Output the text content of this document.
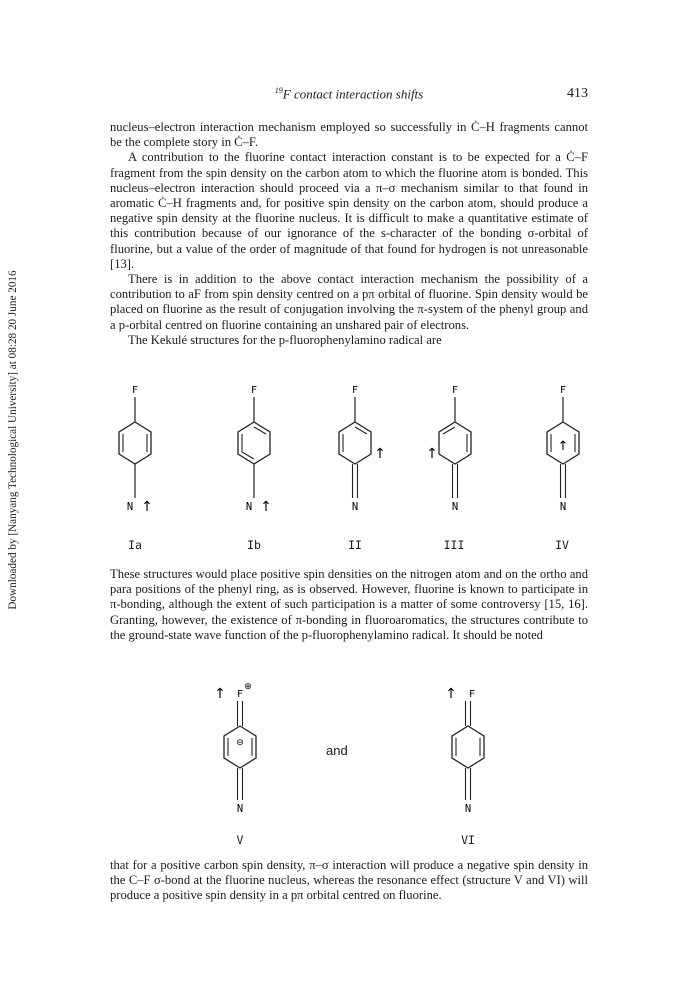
Downloaded by [Nanyang Technological University] at 08:28 20 June 2016
$^{19}$F contact interaction shifts	413

nucleus–electron interaction mechanism employed so successfully in Ċ–H fragments cannot be the complete story in Ċ–F.

A contribution to the fluorine contact interaction constant is to be expected for a Ċ–F fragment from the spin density on the carbon atom to which the fluorine atom is bonded. This nucleus–electron interaction should proceed via a π–σ mechanism similar to that found in aromatic Ċ–H fragments and, for positive spin density on the carbon atom, should produce a negative spin density at the fluorine nucleus. It is difficult to make a quantitative estimate of this contribution because of our ignorance of the s-character of the bonding σ-orbital of fluorine, but a value of the order of magnitude of that found for hydrogen is not unreasonable [13].

There is in addition to the above contact interaction mechanism the possibility of a contribution to aF from spin density centred on a pπ orbital of fluorine. Spin density would be placed on fluorine as the result of conjugation involving the π-system of the phenyl group and a p-orbital centred on fluorine containing an unshared pair of electrons.

The Kekulé structures for the p-fluorophenylamino radical are

F
N ↑
F
N ↑
F
N
↑
F
N
↑
F
N
↑
Ia	Ib	II	III	IV

These structures would place positive spin densities on the nitrogen atom and on the ortho and para positions of the phenyl ring, as is observed. However, fluorine is known to participate in π-bonding, although the extent of such participation is a matter of some controversy [15, 16]. Granting, however, the existence of π-bonding in fluoroaromatics, the structures contribute to the ground-state wave function of the p-fluorophenylamino radical. It should be noted

↑ F
⊕
⊖
N
and
↑ F
N
V	VI

that for a positive carbon spin density, π–σ interaction will produce a negative spin density in the C–F σ-bond at the fluorine nucleus, whereas the resonance effect (structure V and VI) will produce a positive spin density in a pπ orbital centred on fluorine.
